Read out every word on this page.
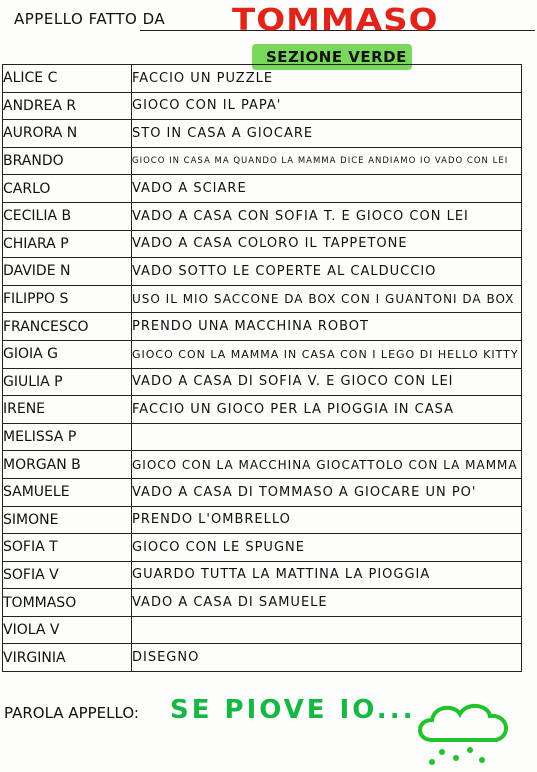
APPELLO FATTO DA TOMMASO
SEZIONE VERDE
ALICE C	FACCIO UN PUZZLE
ANDREA R	GIOCO CON IL PAPA'
AURORA N	STO IN CASA A GIOCARE
BRANDO	GIOCO IN CASA MA QUANDO LA MAMMA DICE ANDIAMO IO VADO CON LEI
CARLO	VADO A SCIARE
CECILIA B	VADO A CASA CON SOFIA T. E GIOCO CON LEI
CHIARA P	VADO A CASA COLORO IL TAPPETONE
DAVIDE N	VADO SOTTO LE COPERTE AL CALDUCCIO
FILIPPO S	USO IL MIO SACCONE DA BOX CON I GUANTONI DA BOX
FRANCESCO	PRENDO UNA MACCHINA ROBOT
GIOIA G	GIOCO CON LA MAMMA IN CASA CON I LEGO DI HELLO KITTY
GIULIA P	VADO A CASA DI SOFIA V. E GIOCO CON LEI
IRENE	FACCIO UN GIOCO PER LA PIOGGIA IN CASA
MELISSA P	
MORGAN B	GIOCO CON LA MACCHINA GIOCATTOLO CON LA MAMMA
SAMUELE	VADO A CASA DI TOMMASO A GIOCARE UN PO'
SIMONE	PRENDO L'OMBRELLO
SOFIA T	GIOCO CON LE SPUGNE
SOFIA V	GUARDO TUTTA LA MATTINA LA PIOGGIA
TOMMASO	VADO A CASA DI SAMUELE
VIOLA V	
VIRGINIA	DISEGNO
PAROLA APPELLO: SE PIOVE IO...
